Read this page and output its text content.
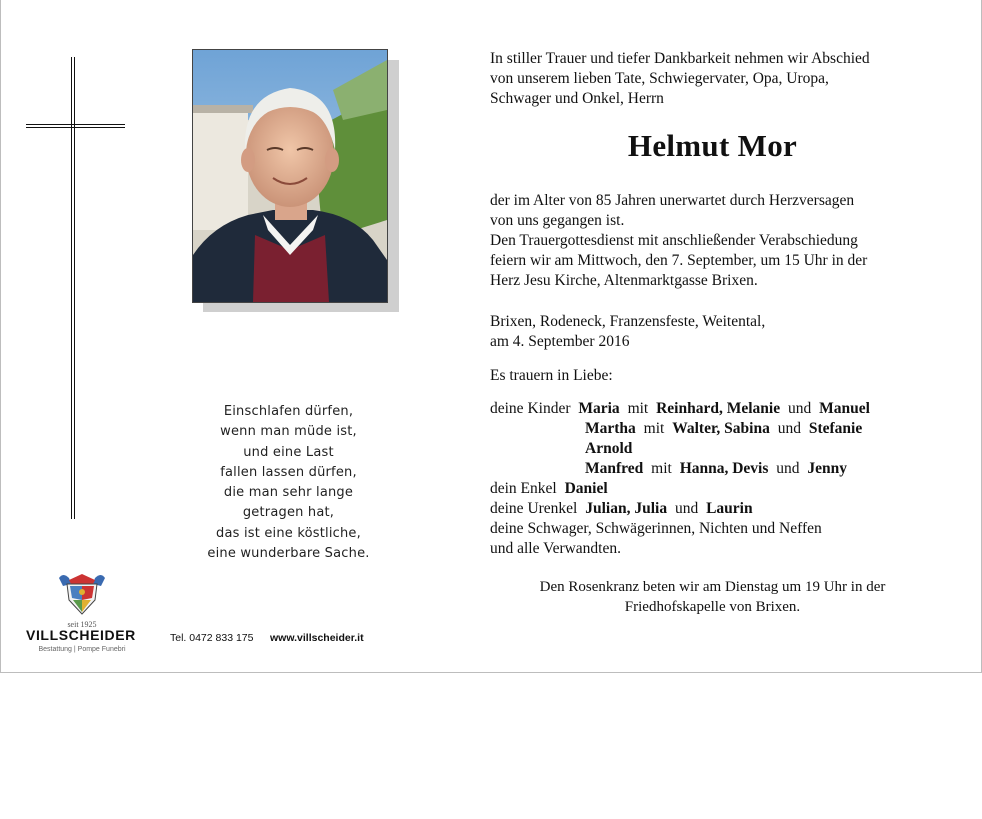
Einschlafen dürfen,
wenn man müde ist,
und eine Last
fallen lassen dürfen,
die man sehr lange
getragen hat,
das ist eine köstliche,
eine wunderbare Sache.
seit 1925
VILLSCHEIDER
Bestattung | Pompe Funebri
Tel. 0472 833 175 www.villscheider.it
In stiller Trauer und tiefer Dankbarkeit nehmen wir Abschied
von unserem lieben Tate, Schwiegervater, Opa, Uropa,
Schwager und Onkel, Herrn
Helmut Mor
der im Alter von 85 Jahren unerwartet durch Herzversagen
von uns gegangen ist.
Den Trauergottesdienst mit anschließender Verabschiedung
feiern wir am Mittwoch, den 7. September, um 15 Uhr in der
Herz Jesu Kirche, Altenmarktgasse Brixen.
Brixen, Rodeneck, Franzensfeste, Weitental,
am 4. September 2016
Es trauern in Liebe:
deine Kinder Maria mit Reinhard, Melanie und Manuel
Martha mit Walter, Sabina und Stefanie
Arnold
Manfred mit Hanna, Devis und Jenny
dein Enkel Daniel
deine Urenkel Julian, Julia und Laurin
deine Schwager, Schwägerinnen, Nichten und Neffen
und alle Verwandten.
Den Rosenkranz beten wir am Dienstag um 19 Uhr in der
Friedhofskapelle von Brixen.
